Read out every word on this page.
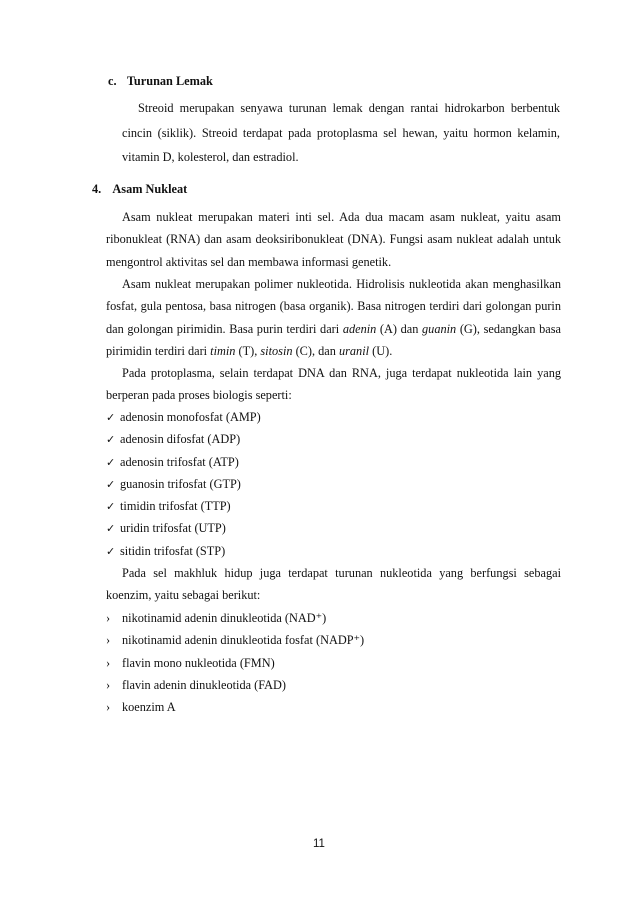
c. Turunan Lemak
Streoid merupakan senyawa turunan lemak dengan rantai hidrokarbon berbentuk cincin (siklik). Streoid terdapat pada protoplasma sel hewan, yaitu hormon kelamin, vitamin D, kolesterol, dan estradiol.
4. Asam Nukleat
Asam nukleat merupakan materi inti sel. Ada dua macam asam nukleat, yaitu asam ribonukleat (RNA) dan asam deoksiribonukleat (DNA). Fungsi asam nukleat adalah untuk mengontrol aktivitas sel dan membawa informasi genetik.
Asam nukleat merupakan polimer nukleotida. Hidrolisis nukleotida akan menghasilkan fosfat, gula pentosa, basa nitrogen (basa organik). Basa nitrogen terdiri dari golongan purin dan golongan pirimidin. Basa purin terdiri dari adenin (A) dan guanin (G), sedangkan basa pirimidin terdiri dari timin (T), sitosin (C), dan uranil (U).
Pada protoplasma, selain terdapat DNA dan RNA, juga terdapat nukleotida lain yang berperan pada proses biologis seperti:
✓ adenosin monofosfat (AMP)
✓ adenosin difosfat (ADP)
✓ adenosin trifosfat (ATP)
✓ guanosin trifosfat (GTP)
✓ timidin trifosfat (TTP)
✓ uridin trifosfat (UTP)
✓ sitidin trifosfat (STP)
Pada sel makhluk hidup juga terdapat turunan nukleotida yang berfungsi sebagai koenzim, yaitu sebagai berikut:
› nikotinamid adenin dinukleotida (NAD⁺)
› nikotinamid adenin dinukleotida fosfat (NADP⁺)
› flavin mono nukleotida (FMN)
› flavin adenin dinukleotida (FAD)
› koenzim A
11
